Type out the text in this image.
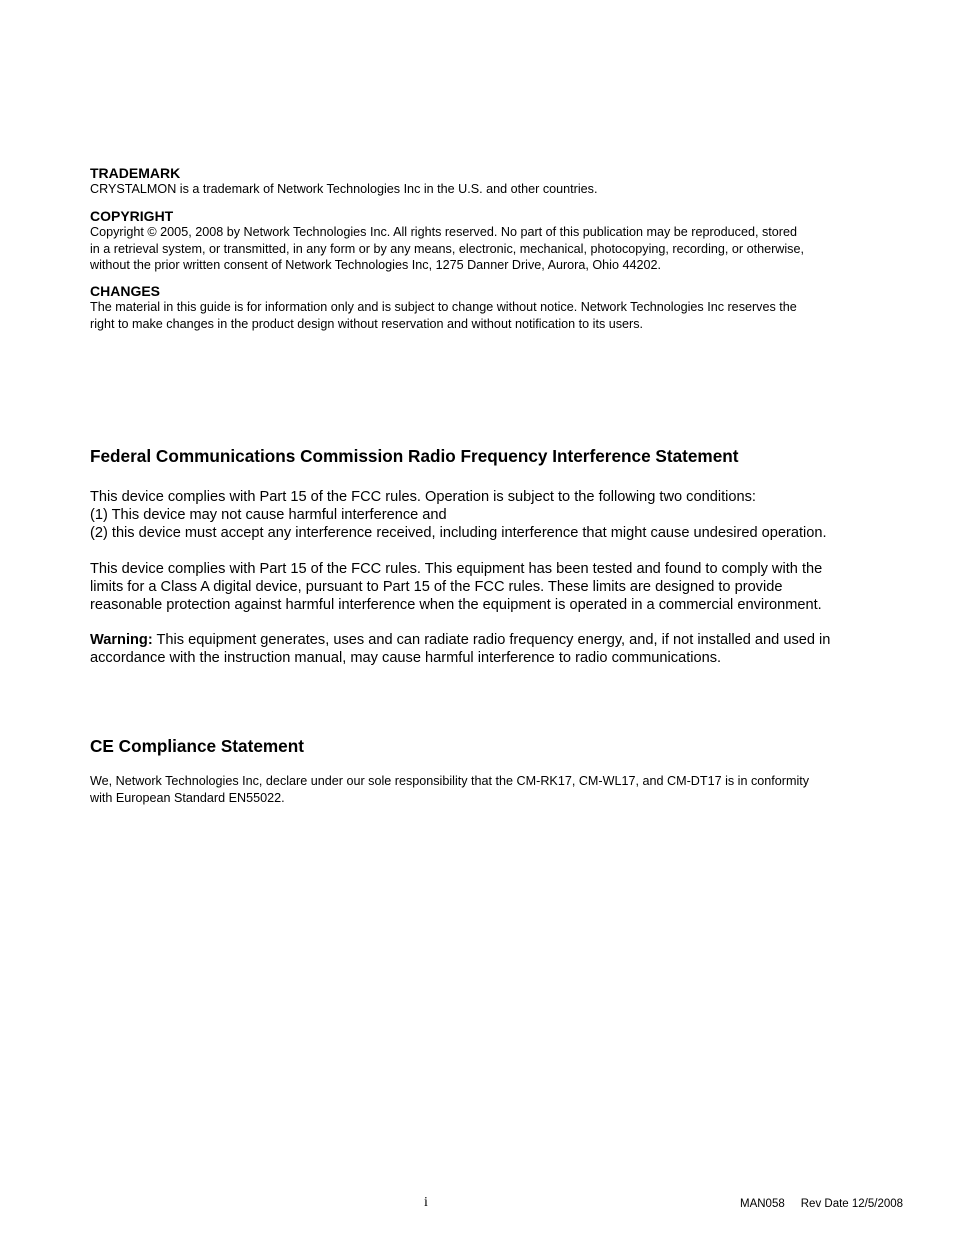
TRADEMARK
CRYSTALMON is a trademark of Network Technologies Inc in the U.S. and other countries.
COPYRIGHT
Copyright © 2005, 2008 by Network Technologies Inc. All rights reserved. No part of this publication may be reproduced, stored
in a retrieval system, or transmitted, in any form or by any means, electronic, mechanical, photocopying, recording, or otherwise,
without the prior written consent of Network Technologies Inc, 1275 Danner Drive, Aurora, Ohio 44202.
CHANGES
The material in this guide is for information only and is subject to change without notice. Network Technologies Inc reserves the
right to make changes in the product design without reservation and without notification to its users.
Federal Communications Commission Radio Frequency Interference Statement
This device complies with Part 15 of the FCC rules. Operation is subject to the following two conditions:
(1) This device may not cause harmful interference and
(2) this device must accept any interference received, including interference that might cause undesired operation.
This device complies with Part 15 of the FCC rules. This equipment has been tested and found to comply with the
limits for a Class A digital device, pursuant to Part 15 of the FCC rules. These limits are designed to provide
reasonable protection against harmful interference when the equipment is operated in a commercial environment.
Warning: This equipment generates, uses and can radiate radio frequency energy, and, if not installed and used in
accordance with the instruction manual, may cause harmful interference to radio communications.
CE Compliance Statement
We, Network Technologies Inc, declare under our sole responsibility that the CM-RK17, CM-WL17, and CM-DT17 is in conformity
with European Standard EN55022.
i	MAN058 Rev Date 12/5/2008
